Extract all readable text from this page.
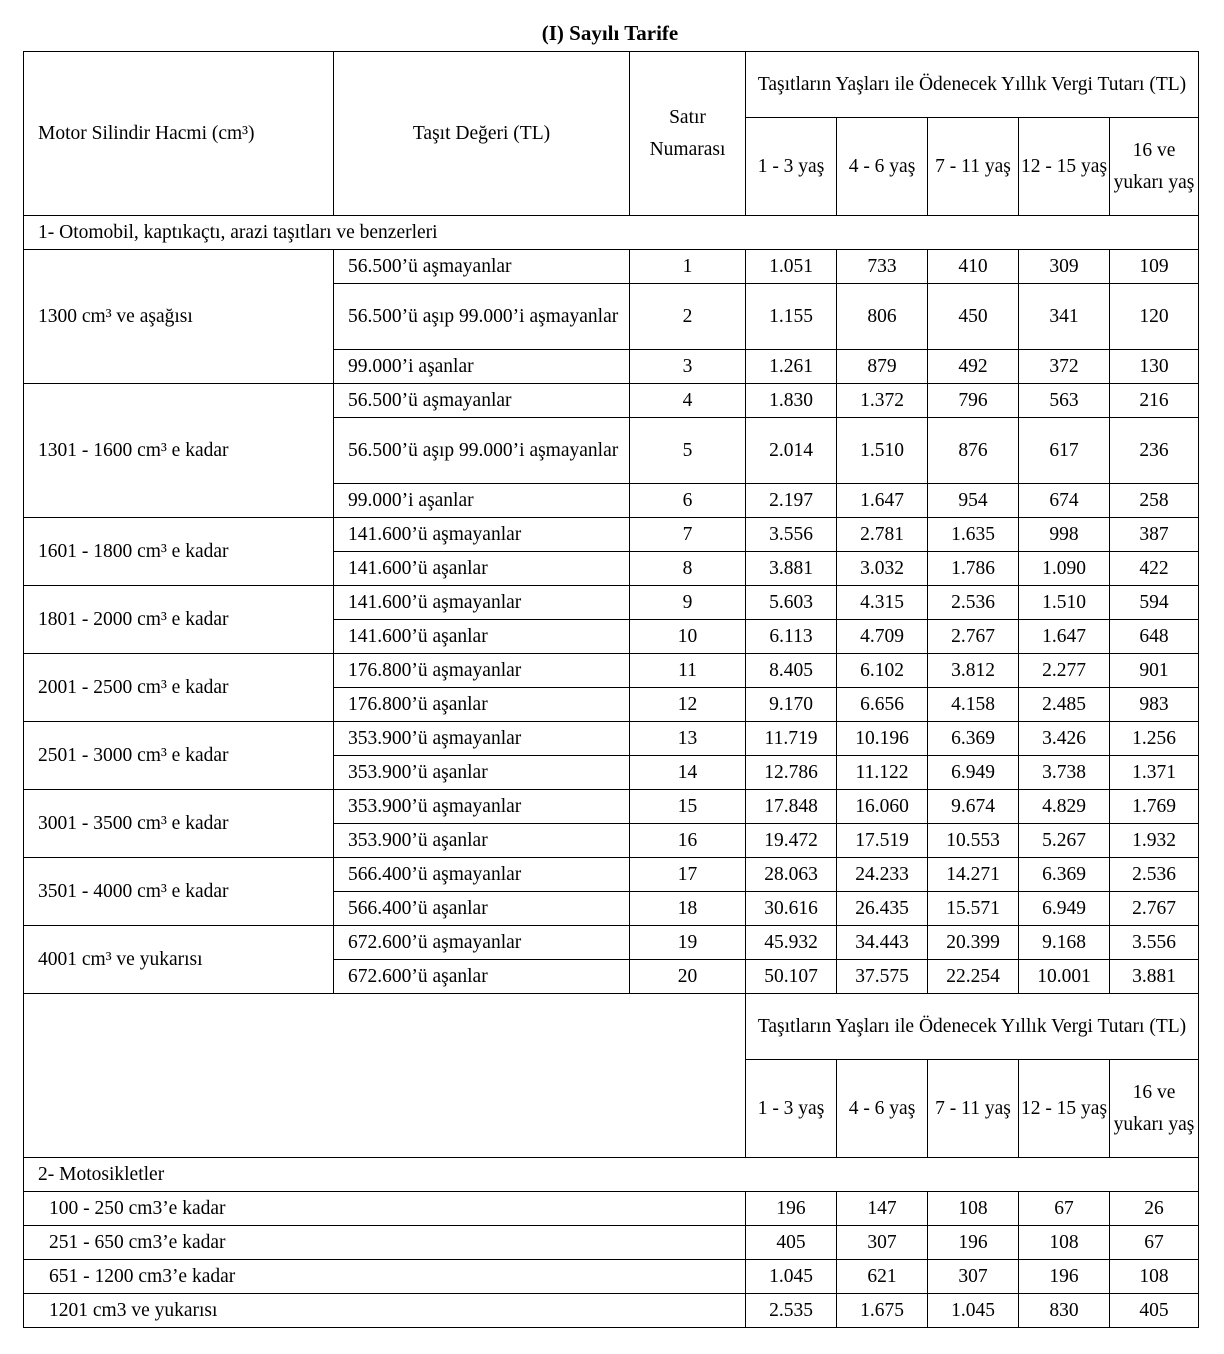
(I) Sayılı Tarife
Motor Silindir Hacmi (cm³)	Taşıt Değeri (TL)	Satır Numarası	Taşıtların Yaşları ile Ödenecek Yıllık Vergi Tutarı (TL)				
			1 - 3 yaş	4 - 6 yaş	7 - 11 yaş	12 - 15 yaş	16 ve yukarı yaş
1- Otomobil, kaptıkaçtı, arazi taşıtları ve benzerleri							
1300 cm³ ve aşağısı	56.500’ü aşmayanlar	1	1.051	733	410	309	109
	56.500’ü aşıp 99.000’i aşmayanlar	2	1.155	806	450	341	120
	99.000’i aşanlar	3	1.261	879	492	372	130
1301 - 1600 cm³ e kadar	56.500’ü aşmayanlar	4	1.830	1.372	796	563	216
	56.500’ü aşıp 99.000’i aşmayanlar	5	2.014	1.510	876	617	236
	99.000’i aşanlar	6	2.197	1.647	954	674	258
1601 - 1800 cm³ e kadar	141.600’ü aşmayanlar	7	3.556	2.781	1.635	998	387
	141.600’ü aşanlar	8	3.881	3.032	1.786	1.090	422
1801 - 2000 cm³ e kadar	141.600’ü aşmayanlar	9	5.603	4.315	2.536	1.510	594
	141.600’ü aşanlar	10	6.113	4.709	2.767	1.647	648
2001 - 2500 cm³ e kadar	176.800’ü aşmayanlar	11	8.405	6.102	3.812	2.277	901
	176.800’ü aşanlar	12	9.170	6.656	4.158	2.485	983
2501 - 3000 cm³ e kadar	353.900’ü aşmayanlar	13	11.719	10.196	6.369	3.426	1.256
	353.900’ü aşanlar	14	12.786	11.122	6.949	3.738	1.371
3001 - 3500 cm³ e kadar	353.900’ü aşmayanlar	15	17.848	16.060	9.674	4.829	1.769
	353.900’ü aşanlar	16	19.472	17.519	10.553	5.267	1.932
3501 - 4000 cm³ e kadar	566.400’ü aşmayanlar	17	28.063	24.233	14.271	6.369	2.536
	566.400’ü aşanlar	18	30.616	26.435	15.571	6.949	2.767
4001 cm³ ve yukarısı	672.600’ü aşmayanlar	19	45.932	34.443	20.399	9.168	3.556
	672.600’ü aşanlar	20	50.107	37.575	22.254	10.001	3.881
			Taşıtların Yaşları ile Ödenecek Yıllık Vergi Tutarı (TL)				
			1 - 3 yaş	4 - 6 yaş	7 - 11 yaş	12 - 15 yaş	16 ve yukarı yaş
2- Motosikletler							
100 - 250 cm3’e kadar			196	147	108	67	26
251 - 650 cm3’e kadar			405	307	196	108	67
651 - 1200 cm3’e kadar			1.045	621	307	196	108
1201 cm3 ve yukarısı			2.535	1.675	1.045	830	405
